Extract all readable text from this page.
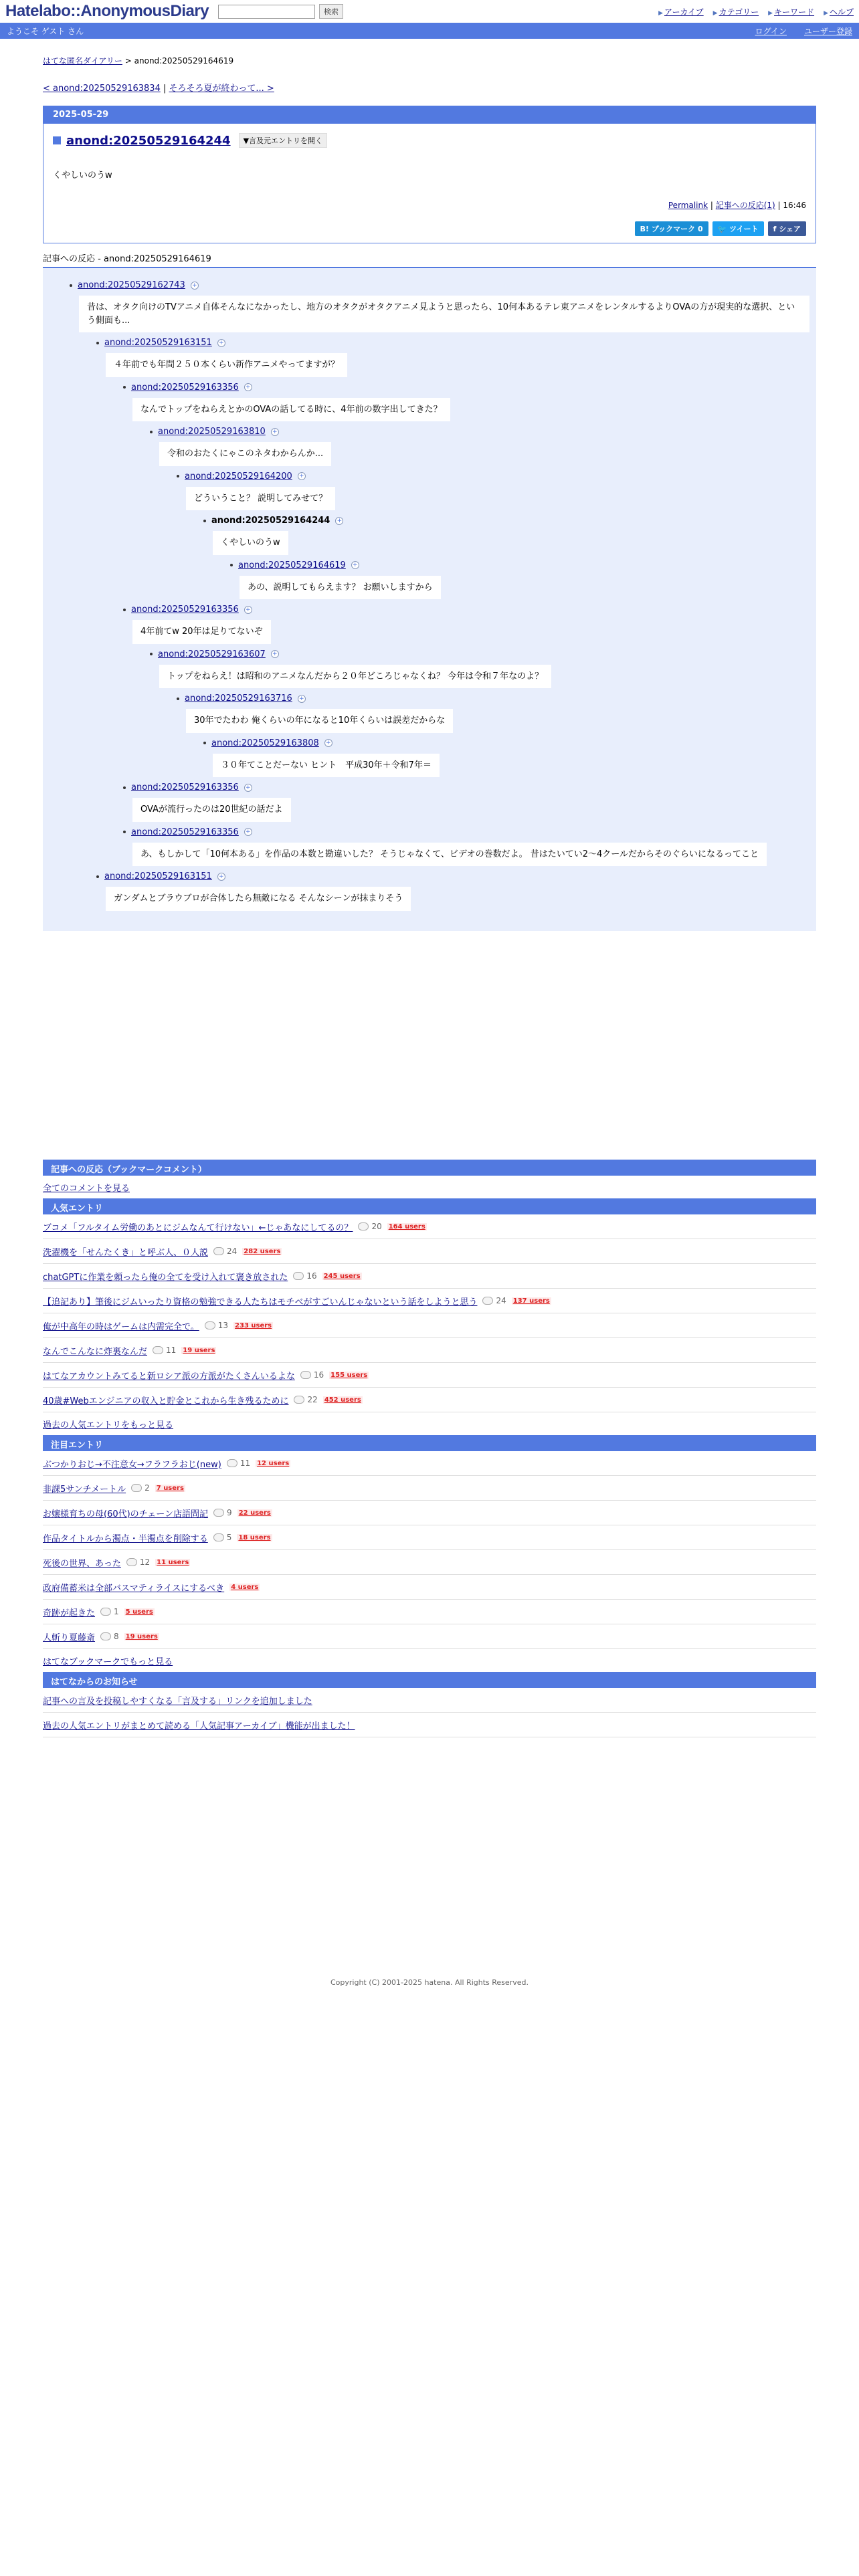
Hatelabo::AnonymousDiary	検索	▶ アーカイブ ▶ カテゴリー ▶ キーワード ▶ ヘルプ
ようこそ ゲスト さん	ログイン ユーザー登録
はてな匿名ダイアリー > anond:20250529164619
< anond:20250529163834 | そろそろ夏が終わって... >
2025-05-29
anond:20250529164244	▼言及元エントリを開く
くやしいのうw
Permalink | 記事への反応(1) | 16:46
B! ブックマーク 0	🐦 ツイート	f シェア
記事への反応 - anond:20250529164619
anond:20250529162743 +
昔は、オタク向けのTVアニメ自体そんなになかったし、地方のオタクがオタクアニメ見ようと思ったら、10何本あるテレ東アニメをレンタルするよりOVAの方が現実的な選択、という側面も...
anond:20250529163151 +
４年前でも年間２５０本くらい新作アニメやってますが？
anond:20250529163356 +
なんでトップをねらえとかのOVAの話してる時に、4年前の数字出してきた？
anond:20250529163810 +
令和のおたくにゃこのネタわからんか...
anond:20250529164200 +
どういうこと？ 説明してみせて？
anond:20250529164244 +
くやしいのうw
anond:20250529164619 +
あの、説明してもらえます？ お願いしますから
anond:20250529163356 +
4年前てw 20年は足りてないぞ
anond:20250529163607 +
トップをねらえ！は昭和のアニメなんだから２０年どころじゃなくね？ 今年は令和７年なのよ？
anond:20250529163716 +
30年でたわわ 俺くらいの年になると10年くらいは誤差だからな
anond:20250529163808 +
３０年てことだーない ヒント　平成30年＋令和7年＝
anond:20250529163356 +
OVAが流行ったのは20世紀の話だよ
anond:20250529163356 +
あ、もしかして「10何本ある」を作品の本数と勘違いした？ そうじゃなくて、ビデオの巻数だよ。 昔はたいてい2〜4クールだからそのぐらいになるってこと
anond:20250529163151 +
ガンダムとブラウブロが合体したら無敵になる そんなシーンが抹まりそう
記事への反応（ブックマークコメント）
全てのコメントを見る
人気エントリ
ブコメ「フルタイム労働のあとにジムなんて行けない」←じゃあなにしてるの？ 20 164 users
洗濯機を「せんたくき」と呼ぶ人、０人説 24 282 users
chatGPTに作業を頼ったら俺の全てを受け入れて褒き放された 16 245 users
【追記あり】筆後にジムいったり資格の勉強できる人たちはモチベがすごいんじゃないという話をしようと思う 24 137 users
俺が中高年の時はゲームは内需完全で。 13 233 users
なんでこんなに炸裏なんだ 11 19 users
はてなアカウントみてると新ロシア派の方派がたくさんいるよな 16 155 users
40歳#Webエンジニアの収入と貯金とこれから生き残るために 22 452 users
過去の人気エントリをもっと見る
注目エントリ
ぶつかりおじ→不注意女→フラフラおじ(new) 11 12 users
非課5サンチメートル 2 7 users
お嬢様育ちの母(60代)のチェーン店語問記 9 22 users
作品タイトルから濁点・半濁点を削除する 5 18 users
死後の世界、あった 12 11 users
政府備蓄米は全部バスマティライスにするべき 4 users
奇跡が起きた 1 5 users
人斬り夏藤斎 8 19 users
はてなブックマークでもっと見る
はてなからのお知らせ
記事への言及を投稿しやすくなる「言及する」リンクを追加しました
過去の人気エントリがまとめて読める「人気記事アーカイブ」機能が出ました！
Copyright (C) 2001-2025 hatena. All Rights Reserved.
